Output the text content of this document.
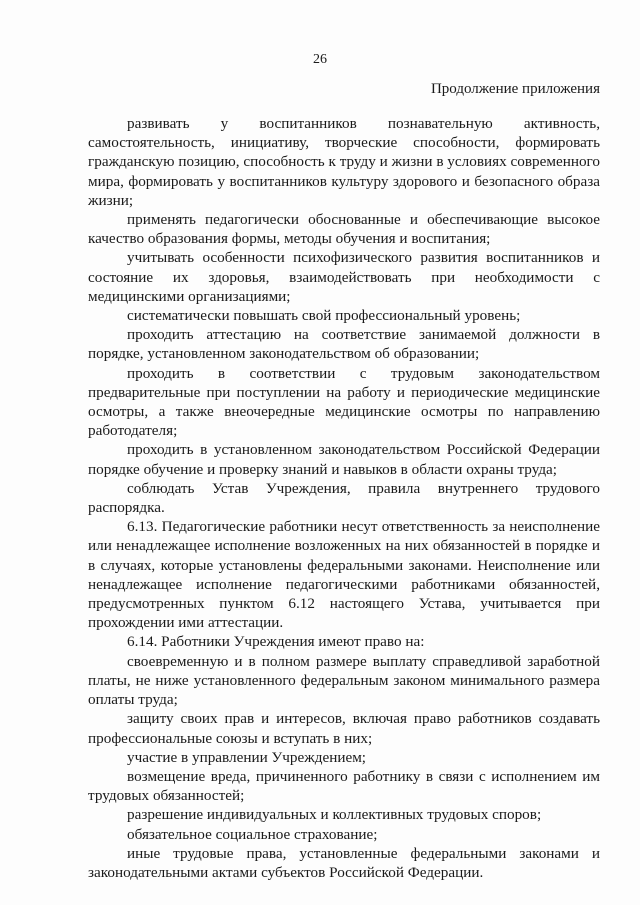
26
Продолжение приложения

развивать у воспитанников познавательную активность, самостоятельность, инициативу, творческие способности, формировать гражданскую позицию, способность к труду и жизни в условиях современного мира, формировать у воспитанников культуру здорового и безопасного образа жизни;

применять педагогически обоснованные и обеспечивающие высокое качество образования формы, методы обучения и воспитания;

учитывать особенности психофизического развития воспитанников и состояние их здоровья, взаимодействовать при необходимости с медицинскими организациями;

систематически повышать свой профессиональный уровень;

проходить аттестацию на соответствие занимаемой должности в порядке, установленном законодательством об образовании;

проходить в соответствии с трудовым законодательством предварительные при поступлении на работу и периодические медицинские осмотры, а также внеочередные медицинские осмотры по направлению работодателя;

проходить в установленном законодательством Российской Федерации порядке обучение и проверку знаний и навыков в области охраны труда;

соблюдать Устав Учреждения, правила внутреннего трудового распорядка.

6.13. Педагогические работники несут ответственность за неисполнение или ненадлежащее исполнение возложенных на них обязанностей в порядке и в случаях, которые установлены федеральными законами. Неисполнение или ненадлежащее исполнение педагогическими работниками обязанностей, предусмотренных пунктом 6.12 настоящего Устава, учитывается при прохождении ими аттестации.

6.14. Работники Учреждения имеют право на:

своевременную и в полном размере выплату справедливой заработной платы, не ниже установленного федеральным законом минимального размера оплаты труда;

защиту своих прав и интересов, включая право работников создавать профессиональные союзы и вступать в них;

участие в управлении Учреждением;

возмещение вреда, причиненного работнику в связи с исполнением им трудовых обязанностей;

разрешение индивидуальных и коллективных трудовых споров;

обязательное социальное страхование;

иные трудовые права, установленные федеральными законами и законодательными актами субъектов Российской Федерации.
